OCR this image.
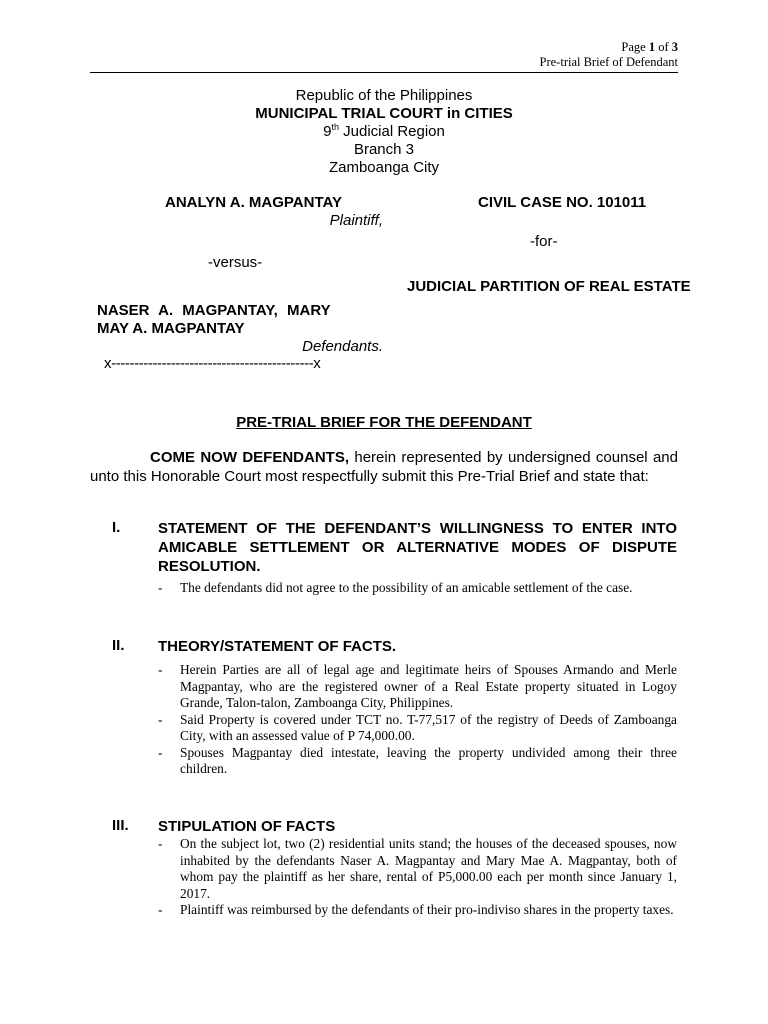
Page 1 of 3
Pre-trial Brief of Defendant
Republic of the Philippines
MUNICIPAL TRIAL COURT in CITIES
9th Judicial Region
Branch 3
Zamboanga City
ANALYN A. MAGPANTAY
Plaintiff,
-versus-
NASER A. MAGPANTAY, MARY
MAY A. MAGPANTAY
Defendants.
x--------------------------------------------x
CIVIL CASE NO. 101011
-for-
JUDICIAL PARTITION OF REAL ESTATE
PRE-TRIAL BRIEF FOR THE DEFENDANT
COME NOW DEFENDANTS, herein represented by undersigned counsel and unto this Honorable Court most respectfully submit this Pre-Trial Brief and state that:
I.	STATEMENT OF THE DEFENDANT’S WILLINGNESS TO ENTER INTO AMICABLE SETTLEMENT OR ALTERNATIVE MODES OF DISPUTE RESOLUTION.
- The defendants did not agree to the possibility of an amicable settlement of the case.
II. THEORY/STATEMENT OF FACTS.
- Herein Parties are all of legal age and legitimate heirs of Spouses Armando and Merle Magpantay, who are the registered owner of a Real Estate property situated in Logoy Grande, Talon-talon, Zamboanga City, Philippines.
- Said Property is covered under TCT no. T-77,517 of the registry of Deeds of Zamboanga City, with an assessed value of P 74,000.00.
- Spouses Magpantay died intestate, leaving the property undivided among their three children.
III. STIPULATION OF FACTS
- On the subject lot, two (2) residential units stand; the houses of the deceased spouses, now inhabited by the defendants Naser A. Magpantay and Mary Mae A. Magpantay, both of whom pay the plaintiff as her share, rental of P5,000.00 each per month since January 1, 2017.
- Plaintiff was reimbursed by the defendants of their pro-indiviso shares in the property taxes.
